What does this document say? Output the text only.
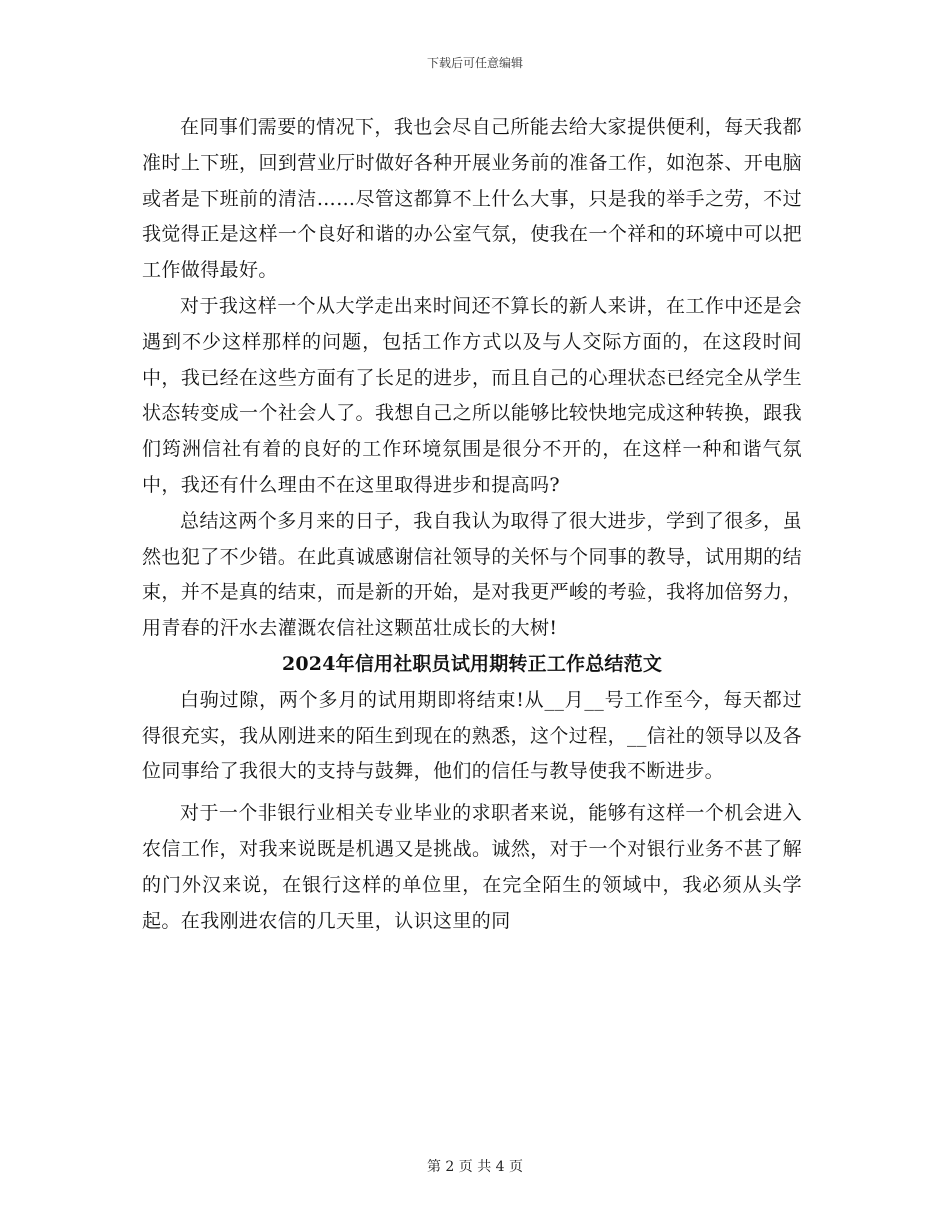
下载后可任意编辑

在同事们需要的情况下，我也会尽自己所能去给大家提供便利，每天我都准时上下班，回到营业厅时做好各种开展业务前的准备工作，如泡茶、开电脑或者是下班前的清洁……尽管这都算不上什么大事，只是我的举手之劳，不过我觉得正是这样一个良好和谐的办公室气氛，使我在一个祥和的环境中可以把工作做得最好。

对于我这样一个从大学走出来时间还不算长的新人来讲，在工作中还是会遇到不少这样那样的问题，包括工作方式以及与人交际方面的，在这段时间中，我已经在这些方面有了长足的进步，而且自己的心理状态已经完全从学生状态转变成一个社会人了。我想自己之所以能够比较快地完成这种转换，跟我们筠洲信社有着的良好的工作环境氛围是很分不开的，在这样一种和谐气氛中，我还有什么理由不在这里取得进步和提高吗?

总结这两个多月来的日子，我自我认为取得了很大进步，学到了很多，虽然也犯了不少错。在此真诚感谢信社领导的关怀与个同事的教导，试用期的结束，并不是真的结束，而是新的开始，是对我更严峻的考验，我将加倍努力，用青春的汗水去灌溉农信社这颗茁壮成长的大树!

2024年信用社职员试用期转正工作总结范文

白驹过隙，两个多月的试用期即将结束!从__月__号工作至今，每天都过得很充实，我从刚进来的陌生到现在的熟悉，这个过程，__信社的领导以及各位同事给了我很大的支持与鼓舞，他们的信任与教导使我不断进步。

对于一个非银行业相关专业毕业的求职者来说，能够有这样一个机会进入农信工作，对我来说既是机遇又是挑战。诚然，对于一个对银行业务不甚了解的门外汉来说，在银行这样的单位里，在完全陌生的领域中，我必须从头学起。在我刚进农信的几天里，认识这里的同

第 2 页 共 4 页
